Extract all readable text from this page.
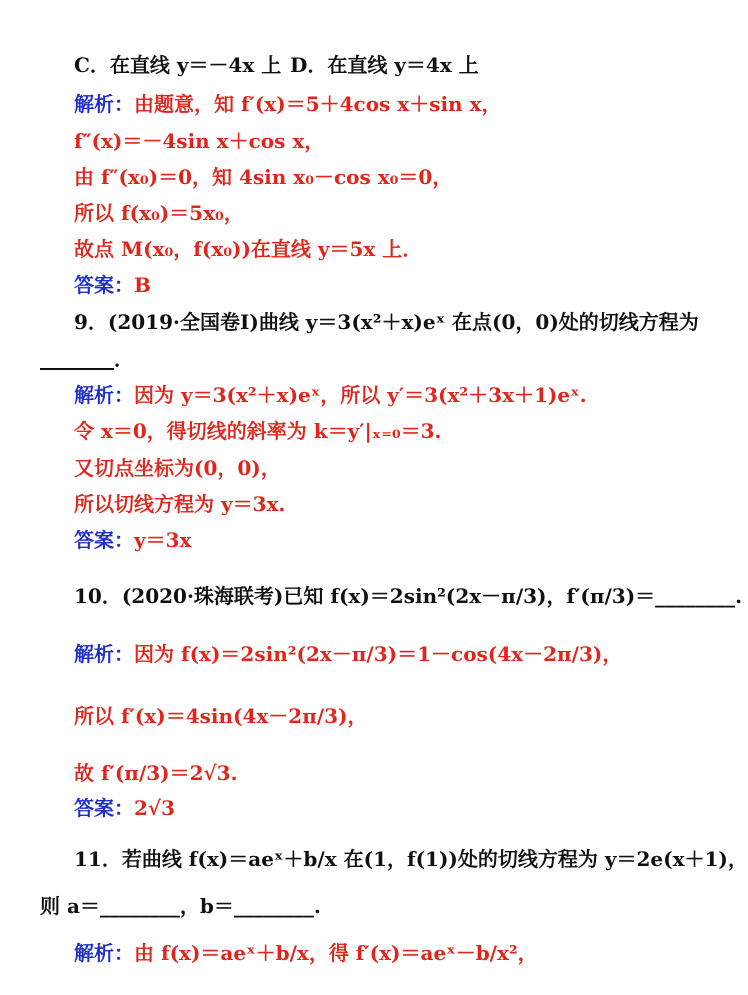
C．在直线 y＝－4x 上 D．在直线 y＝4x 上
解析：由题意，知 f′(x)＝5＋4cos x＋sin x，
f″(x)＝－4sin x＋cos x，
由 f″(x₀)＝0，知 4sin x₀－cos x₀＝0，
所以 f(x₀)＝5x₀，
故点 M(x₀，f(x₀))在直线 y＝5x 上．
答案：B
9．(2019·全国卷Ⅰ)曲线 y＝3(x²＋x)eˣ 在点(0，0)处的切线方程为
．
解析：因为 y＝3(x²＋x)eˣ，所以 y′＝3(x²＋3x＋1)eˣ.
令 x＝0，得切线的斜率为 k＝y′|ₓ₌₀＝3.
又切点坐标为(0，0)，
所以切线方程为 y＝3x.
答案：y＝3x
10．(2020·珠海联考)已知 f(x)＝2sin²(2x－π/3)，f′(π/3)＝________.
解析：因为 f(x)＝2sin²(2x－π/3)＝1－cos(4x－2π/3)，
所以 f′(x)＝4sin(4x－2π/3)，
故 f′(π/3)＝2√3.
答案：2√3
11．若曲线 f(x)＝aeˣ＋b/x 在(1，f(1))处的切线方程为 y＝2e(x＋1)，
则 a＝________，b＝________.
解析：由 f(x)＝aeˣ＋b/x，得 f′(x)＝aeˣ－b/x²，
